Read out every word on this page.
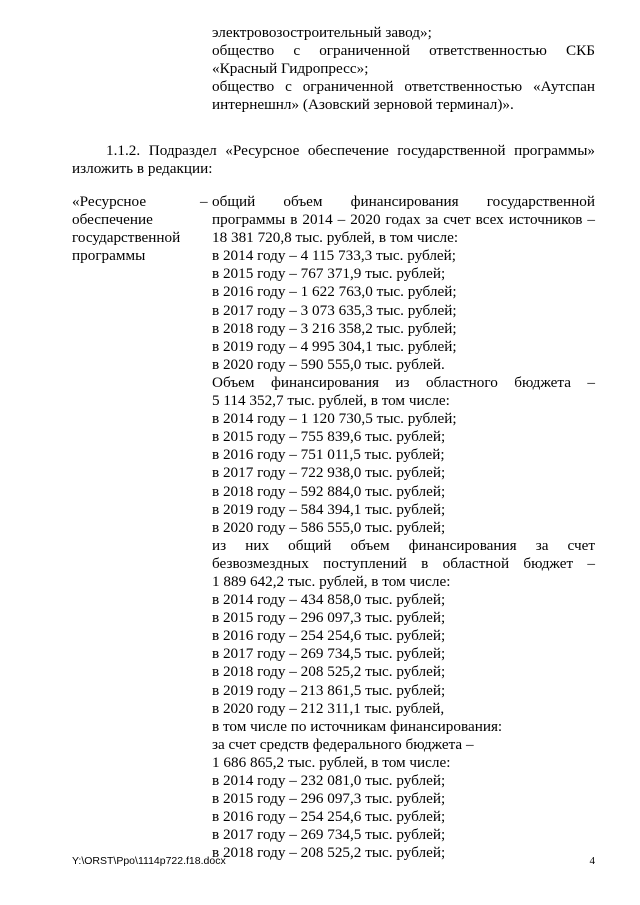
электровозостроительный завод»;
общество с ограниченной ответственностью СКБ
«Красный Гидропресс»;
общество с ограниченной ответственностью «Аутспан
интернешнл» (Азовский зерновой терминал)».
1.1.2. Подраздел «Ресурсное обеспечение государственной программы»
изложить в редакции:
«Ресурсное
обеспечение
государственной
программы
– общий объем финансирования государственной
программы в 2014 – 2020 годах за счет всех источников –
18 381 720,8 тыс. рублей, в том числе:
в 2014 году – 4 115 733,3 тыс. рублей;
в 2015 году – 767 371,9 тыс. рублей;
в 2016 году – 1 622 763,0 тыс. рублей;
в 2017 году – 3 073 635,3 тыс. рублей;
в 2018 году – 3 216 358,2 тыс. рублей;
в 2019 году – 4 995 304,1 тыс. рублей;
в 2020 году – 590 555,0 тыс. рублей.
Объем финансирования из областного бюджета –
5 114 352,7 тыс. рублей, в том числе:
в 2014 году – 1 120 730,5 тыс. рублей;
в 2015 году – 755 839,6 тыс. рублей;
в 2016 году – 751 011,5 тыс. рублей;
в 2017 году – 722 938,0 тыс. рублей;
в 2018 году – 592 884,0 тыс. рублей;
в 2019 году – 584 394,1 тыс. рублей;
в 2020 году – 586 555,0 тыс. рублей;
из них общий объем финансирования за счет
безвозмездных поступлений в областной бюджет –
1 889 642,2 тыс. рублей, в том числе:
в 2014 году – 434 858,0 тыс. рублей;
в 2015 году – 296 097,3 тыс. рублей;
в 2016 году – 254 254,6 тыс. рублей;
в 2017 году – 269 734,5 тыс. рублей;
в 2018 году – 208 525,2 тыс. рублей;
в 2019 году – 213 861,5 тыс. рублей;
в 2020 году – 212 311,1 тыс. рублей,
в том числе по источникам финансирования:
за счет средств федерального бюджета –
1 686 865,2 тыс. рублей, в том числе:
в 2014 году – 232 081,0 тыс. рублей;
в 2015 году – 296 097,3 тыс. рублей;
в 2016 году – 254 254,6 тыс. рублей;
в 2017 году – 269 734,5 тыс. рублей;
в 2018 году – 208 525,2 тыс. рублей;
Y:\ORST\Ppo\1114p722.f18.docx	4
